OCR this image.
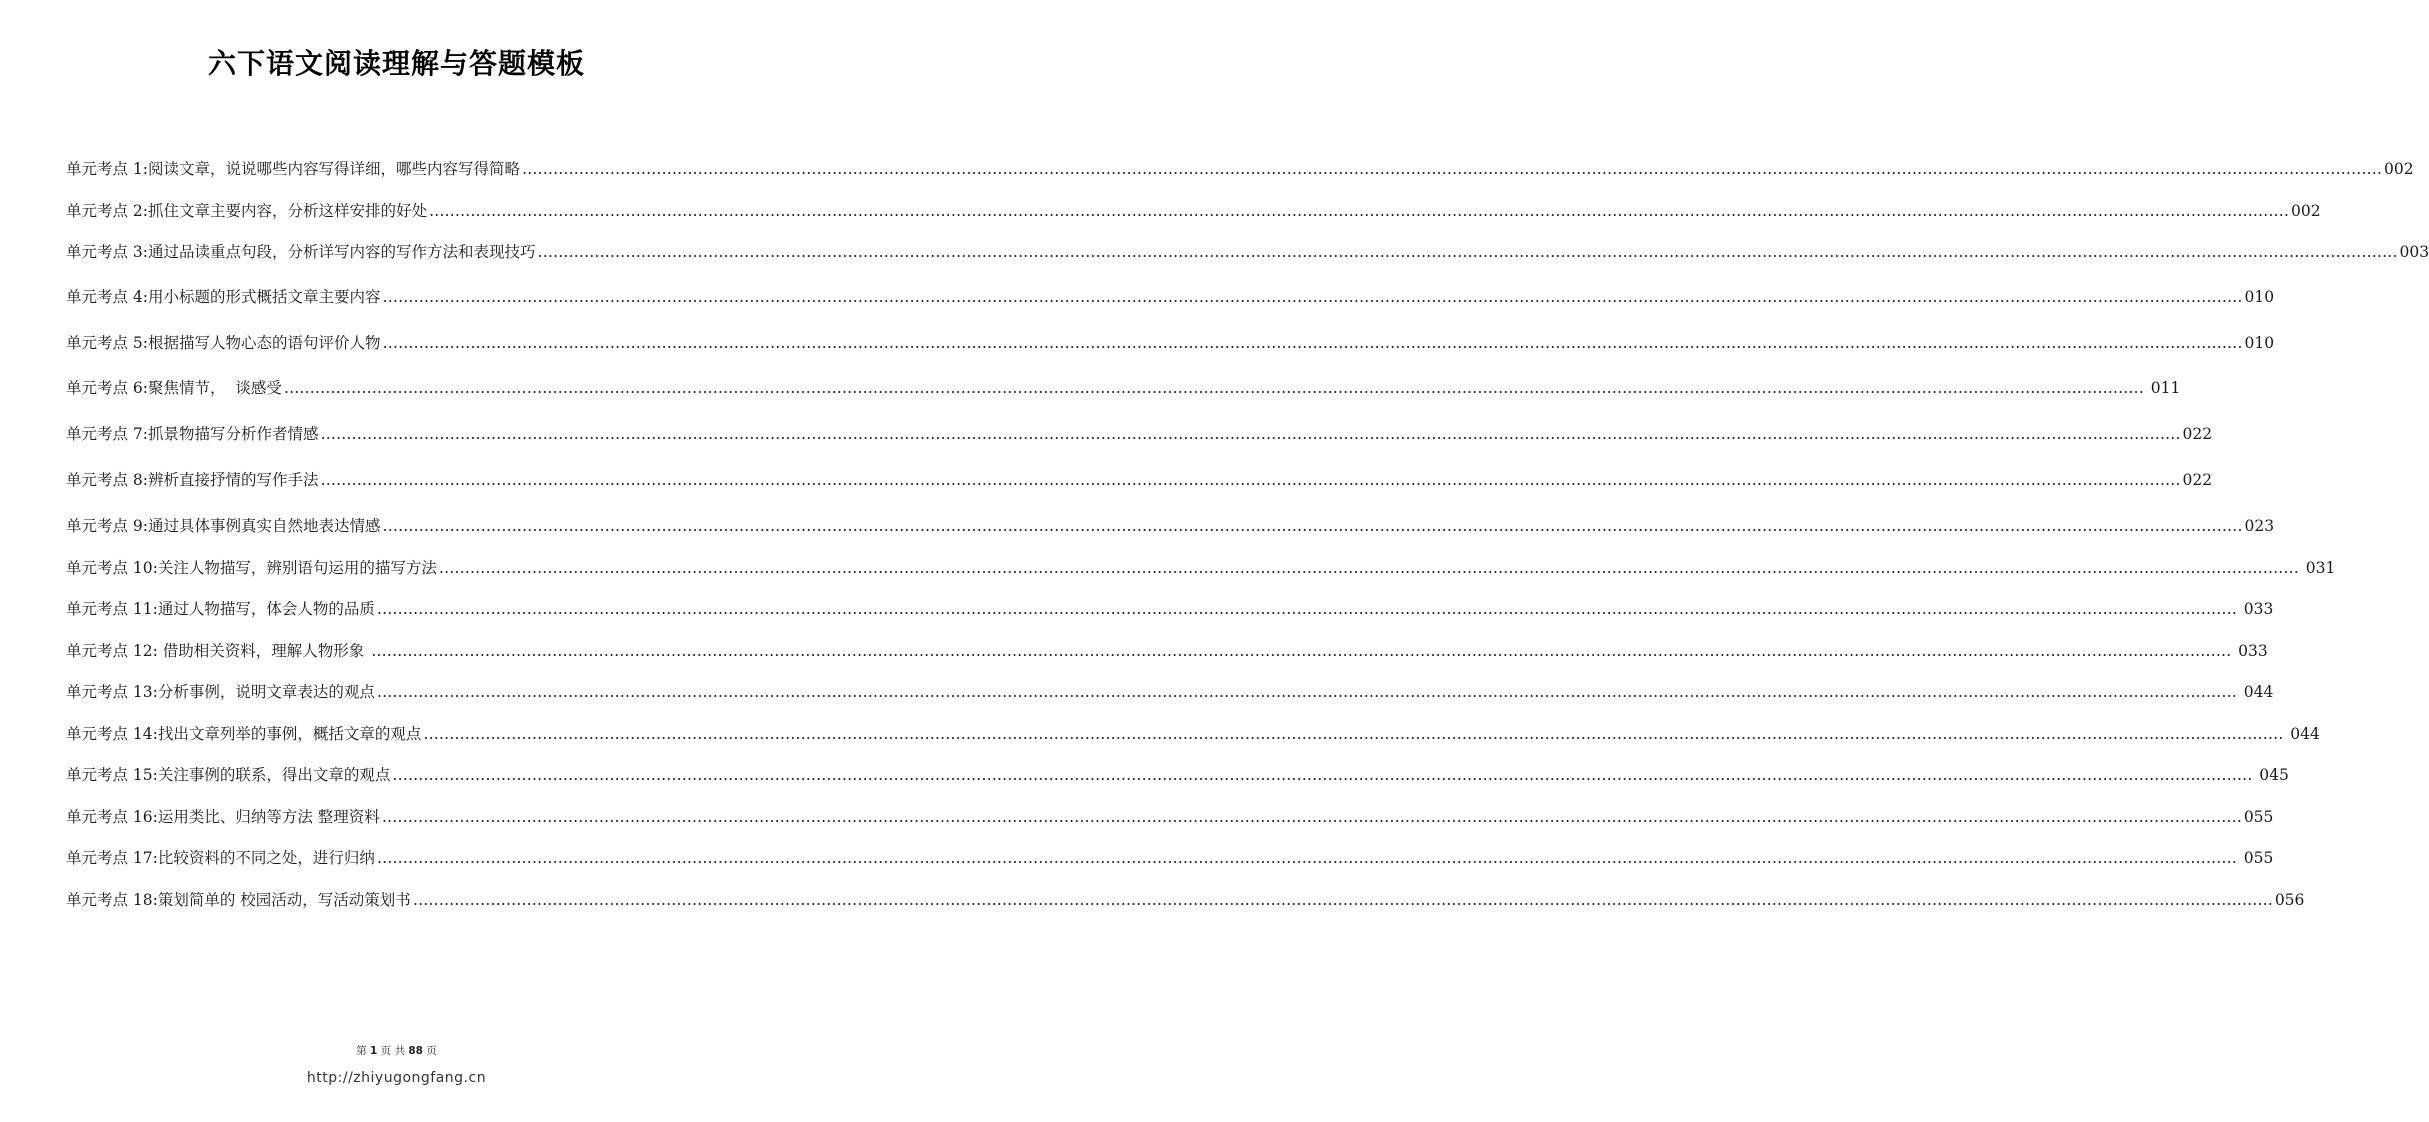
六下语文阅读理解与答题模板
单元考点 1:阅读文章，说说哪些内容写得详细，哪些内容写得简略 ……………………………………………………………………………………………………………………………………………………………………………………………………………………………………………………………………………………………………………………………… 002
单元考点 2:抓住文章主要内容，分析这样安排的好处 ……………………………………………………………………………………………………………………………………………………………………………………………………………………………………………………………………………………………………………………………… 002
单元考点 3:通过品读重点句段，分析详写内容的写作方法和表现技巧 ……………………………………………………………………………………………………………………………………………………………………………………………………………………………………………………………………………………………………………………………… 003
单元考点 4:用小标题的形式概括文章主要内容 ……………………………………………………………………………………………………………………………………………………………………………………………………………………………………………………………………………………………………………………………… 010
单元考点 5:根据描写人物心态的语句评价人物 ……………………………………………………………………………………………………………………………………………………………………………………………………………………………………………………………………………………………………………………………… 010
单元考点 6:聚焦情节，  谈感受 ……………………………………………………………………………………………………………………………………………………………………………………………………………………………………………………………………………………………………………………………… 011
单元考点 7:抓景物描写分析作者情感 ……………………………………………………………………………………………………………………………………………………………………………………………………………………………………………………………………………………………………………………………… 022
单元考点 8:辨析直接抒情的写作手法 ……………………………………………………………………………………………………………………………………………………………………………………………………………………………………………………………………………………………………………………………… 022
单元考点 9:通过具体事例真实自然地表达情感 ……………………………………………………………………………………………………………………………………………………………………………………………………………………………………………………………………………………………………………………………… 023
单元考点 10:关注人物描写，辨别语句运用的描写方法 ……………………………………………………………………………………………………………………………………………………………………………………………………………………………………………………………………………………………………………………………… 031
单元考点 11:通过人物描写，体会人物的品质 ……………………………………………………………………………………………………………………………………………………………………………………………………………………………………………………………………………………………………………………………… 033
单元考点 12: 借助相关资料，理解人物形象 ……………………………………………………………………………………………………………………………………………………………………………………………………………………………………………………………………………………………………………………………… 033
单元考点 13:分析事例，说明文章表达的观点 ……………………………………………………………………………………………………………………………………………………………………………………………………………………………………………………………………………………………………………………………… 044
单元考点 14:找出文章列举的事例，概括文章的观点 ……………………………………………………………………………………………………………………………………………………………………………………………………………………………………………………………………………………………………………………………… 044
单元考点 15:关注事例的联系，得出文章的观点 ……………………………………………………………………………………………………………………………………………………………………………………………………………………………………………………………………………………………………………………………… 045
单元考点 16:运用类比、归纳等方法 整理资料 ……………………………………………………………………………………………………………………………………………………………………………………………………………………………………………………………………………………………………………………………… 055
单元考点 17:比较资料的不同之处，进行归纳 ……………………………………………………………………………………………………………………………………………………………………………………………………………………………………………………………………………………………………………………………… 055
单元考点 18:策划简单的 校园活动，写活动策划书 ……………………………………………………………………………………………………………………………………………………………………………………………………………………………………………………………………………………………………………………………… 056
第 1 页 共 88 页
http://zhiyugongfang.cn
